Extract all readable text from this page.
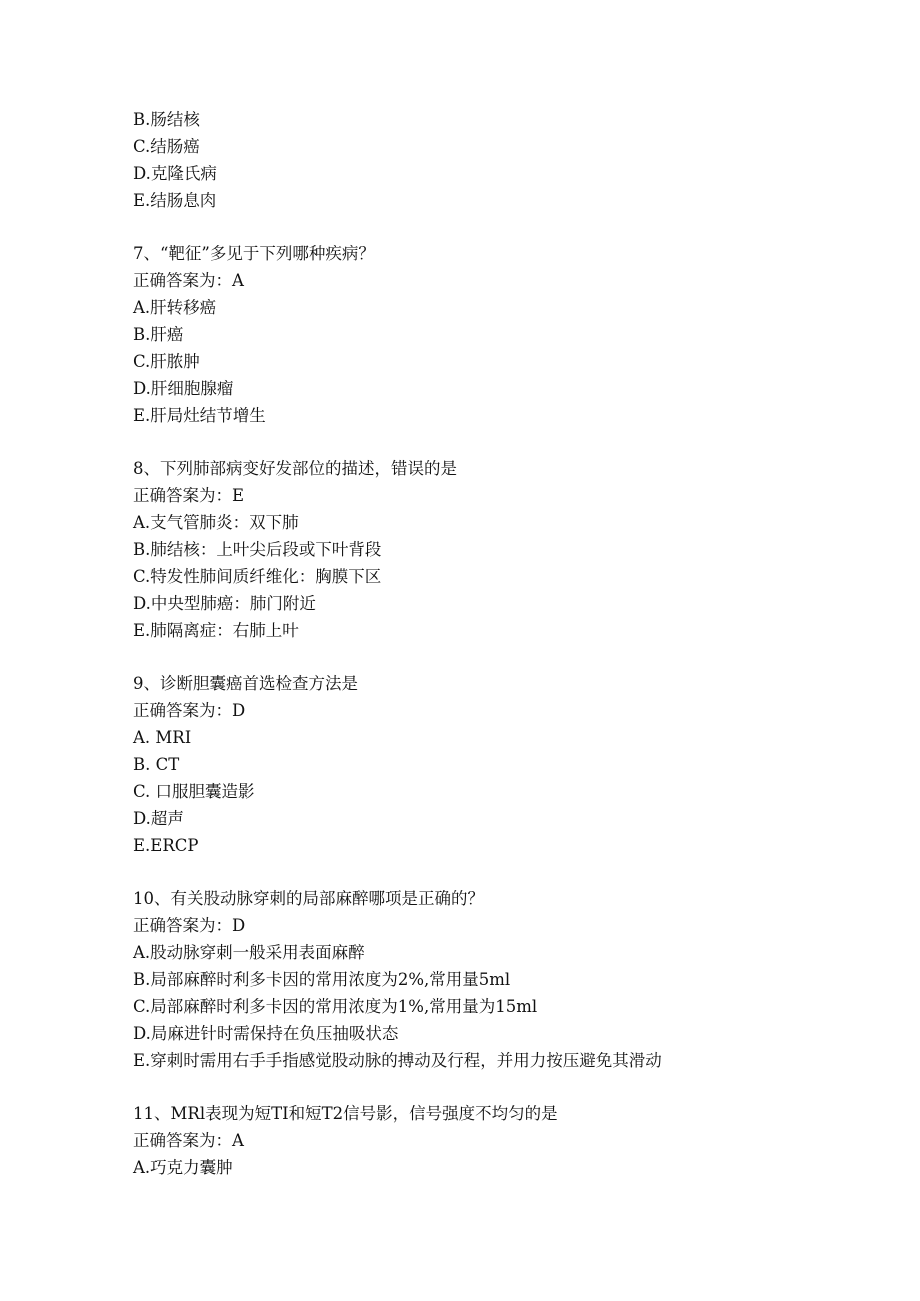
B.肠结核
C.结肠癌
D.克隆氏病
E.结肠息肉
7、“靶征”多见于下列哪种疾病？
正确答案为：A
A.肝转移癌
B.肝癌
C.肝脓肿
D.肝细胞腺瘤
E.肝局灶结节增生
8、下列肺部病变好发部位的描述，错误的是
正确答案为：E
A.支气管肺炎：双下肺
B.肺结核：上叶尖后段或下叶背段
C.特发性肺间质纤维化：胸膜下区
D.中央型肺癌：肺门附近
E.肺隔离症：右肺上叶
9、诊断胆囊癌首选检查方法是
正确答案为：D
A. MRI
B. CT
C. 口服胆囊造影
D.超声
E.ERCP
10、有关股动脉穿刺的局部麻醉哪项是正确的？
正确答案为：D
A.股动脉穿刺一般采用表面麻醉
B.局部麻醉时利多卡因的常用浓度为2%,常用量5ml
C.局部麻醉时利多卡因的常用浓度为1%,常用量为15ml
D.局麻进针时需保持在负压抽吸状态
E.穿刺时需用右手手指感觉股动脉的搏动及行程，并用力按压避免其滑动
11、MRl表现为短TI和短T2信号影，信号强度不均匀的是
正确答案为：A
A.巧克力囊肿
